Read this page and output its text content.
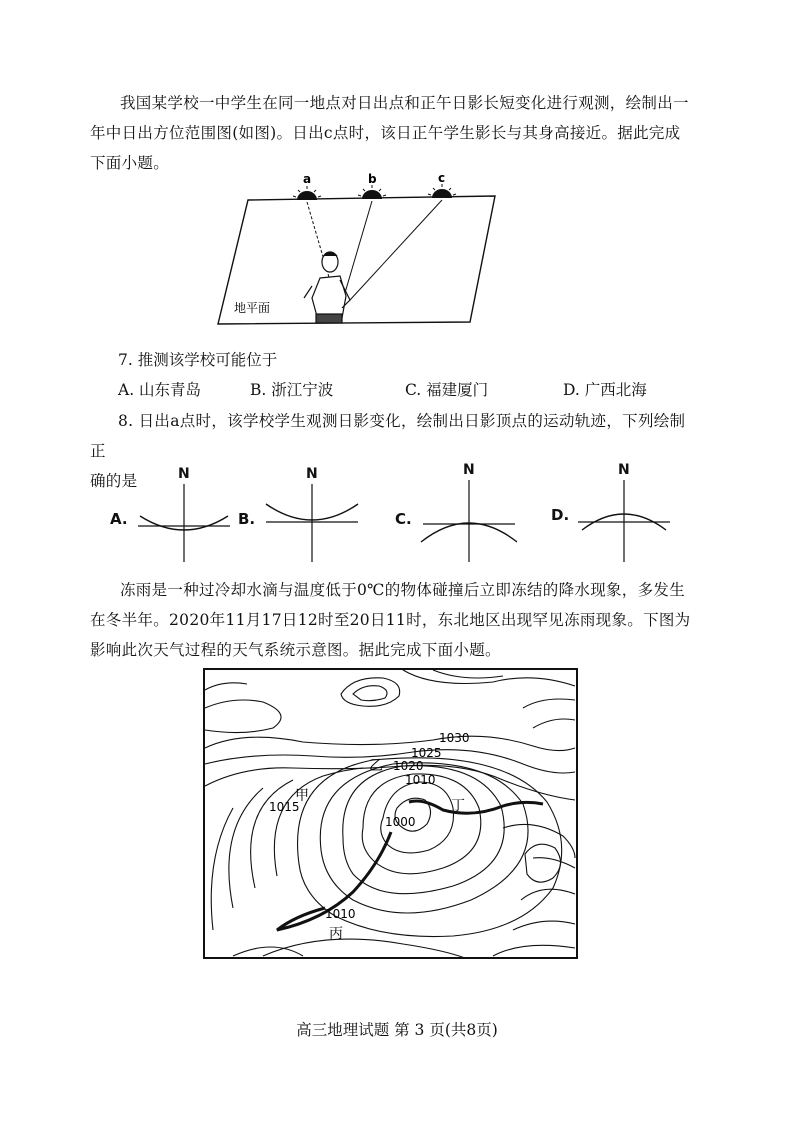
我国某学校一中学生在同一地点对日出点和正午日影长短变化进行观测，绘制出一
年中日出方位范围图(如图)。日出c点时，该日正午学生影长与其身高接近。据此完成
下面小题。
a	b	c
地平面
7. 推测该学校可能位于
A. 山东青岛	B. 浙江宁波	C. 福建厦门	D. 广西北海
8. 日出a点时，该学校学生观测日影变化，绘制出日影顶点的运动轨迹，下列绘制正
确的是
A.
N
B.
N
C.
N
D.
N
冻雨是一种过冷却水滴与温度低于0℃的物体碰撞后立即冻结的降水现象，多发生
在冬半年。2020年11月17日12时至20日11时，东北地区出现罕见冻雨现象。下图为
影响此次天气过程的天气系统示意图。据此完成下面小题。
1030
1025
1020
1010
1015
1000
1010
甲
乙
丙
丁
高三地理试题 第 3 页(共8页)
